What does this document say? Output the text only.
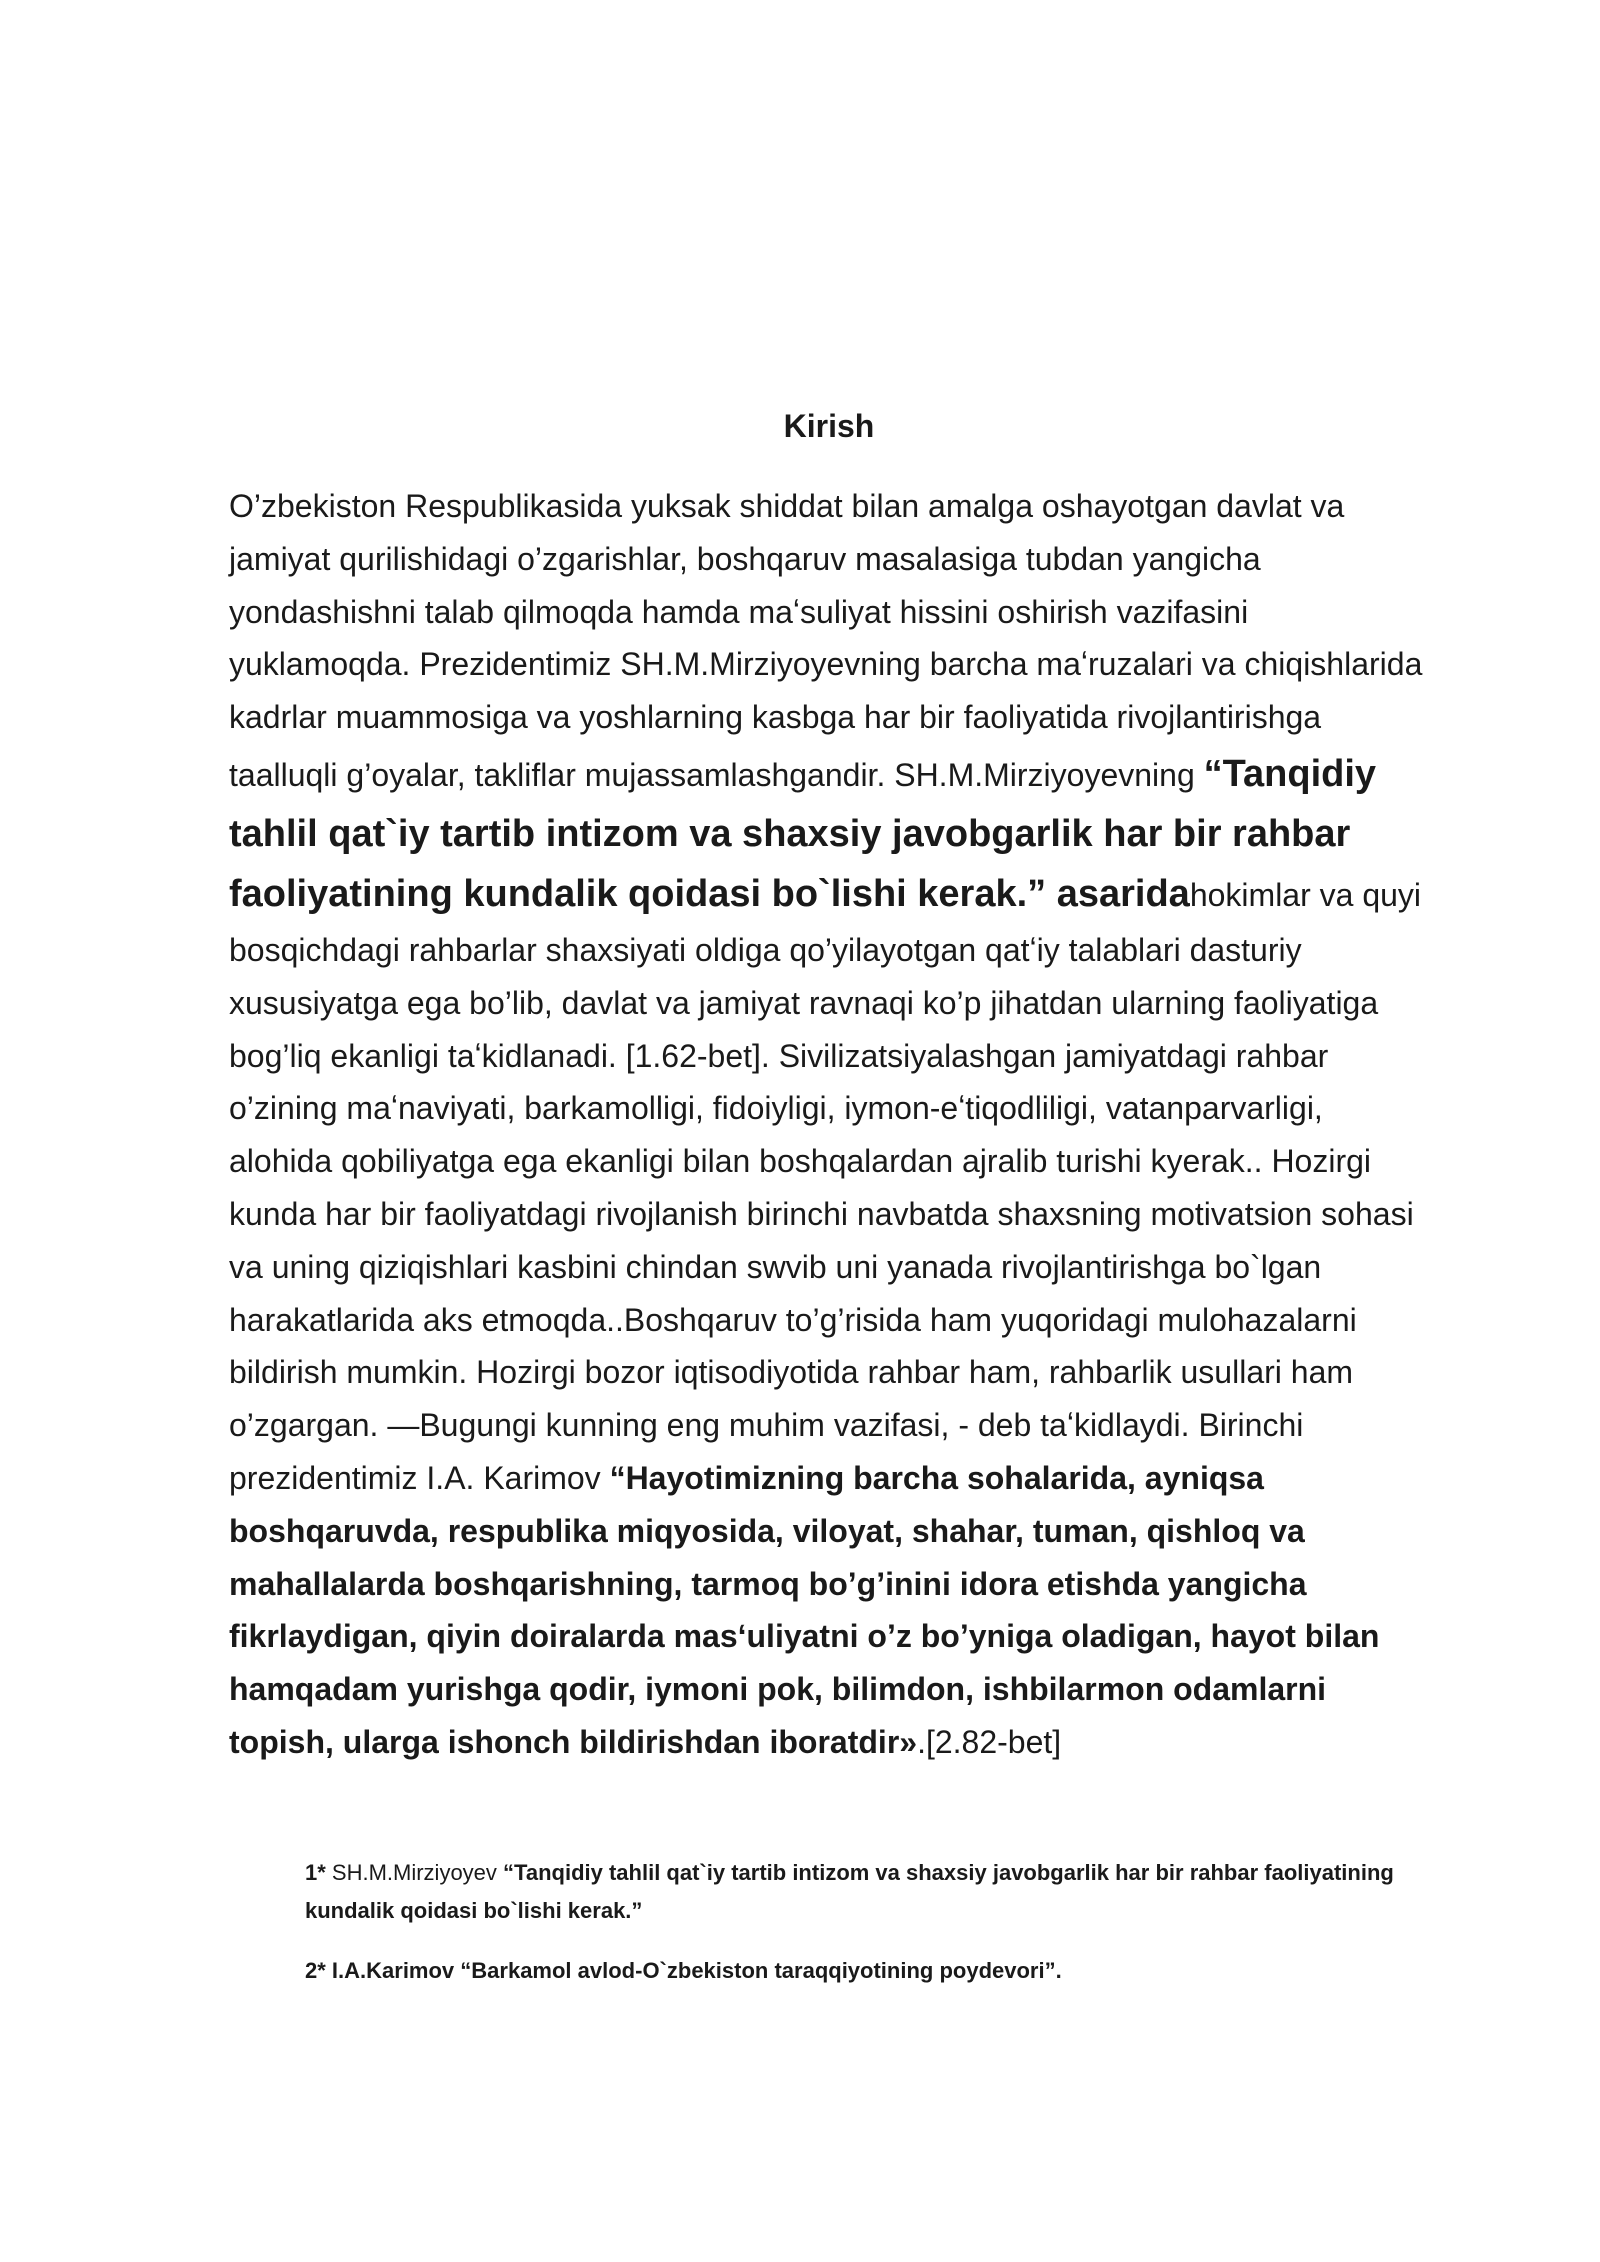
Kirish
O’zbekiston Respublikasida yuksak shiddat bilan amalga oshayotgan davlat va jamiyat qurilishidagi o’zgarishlar, boshqaruv masalasiga tubdan yangicha yondashishni talab qilmoqda hamda maʻsuliyat hissini oshirish vazifasini yuklamoqda. Prezidentimiz SH.M.Mirziyoyevning barcha maʻruzalari va chiqishlarida kadrlar muammosiga va yoshlarning kasbga har bir faoliyatida rivojlantirishga taalluqli g’oyalar, takliflar mujassamlashgandir. SH.M.Mirziyoyevning “Tanqidiy tahlil qat`iy tartib intizom va shaxsiy javobgarlik har bir rahbar faoliyatining kundalik qoidasi bo`lishi kerak.” asaridahokimlar va quyi bosqichdagi rahbarlar shaxsiyati oldiga qo’yilayotgan qatʻiy talablari dasturiy xususiyatga ega bo’lib, davlat va jamiyat ravnaqi ko’p jihatdan ularning faoliyatiga bog’liq ekanligi taʻkidlanadi. [1.62-bet]. Sivilizatsiyalashgan jamiyatdagi rahbar o’zining maʻnaviyati, barkamolligi, fidoiyligi, iymon-eʻtiqodliligi, vatanparvarligi, alohida qobiliyatga ega ekanligi bilan boshqalardan ajralib turishi kyerak.. Hozirgi kunda har bir faoliyatdagi rivojlanish birinchi navbatda shaxsning motivatsion sohasi va uning qiziqishlari kasbini chindan swvib uni yanada rivojlantirishga bo`lgan harakatlarida aks etmoqda..Boshqaruv to’g’risida ham yuqoridagi mulohazalarni bildirish mumkin. Hozirgi bozor iqtisodiyotida rahbar ham, rahbarlik usullari ham o’zgargan. ―Bugungi kunning eng muhim vazifasi, - deb taʻkidlaydi. Birinchi prezidentimiz I.A. Karimov “Hayotimizning barcha sohalarida, ayniqsa boshqaruvda, respublika miqyosida, viloyat, shahar, tuman, qishloq va mahallalarda boshqarishning, tarmoq bo’g’inini idora etishda yangicha fikrlaydigan, qiyin doiralarda masʻuliyatni o’z bo’yniga oladigan, hayot bilan hamqadam yurishga qodir, iymoni pok, bilimdon, ishbilarmon odamlarni topish, ularga ishonch bildirishdan iboratdir».[2.82-bet]
1* SH.M.Mirziyoyev “Tanqidiy tahlil qat`iy tartib intizom va shaxsiy javobgarlik har bir rahbar faoliyatining kundalik qoidasi bo`lishi kerak.”
2* I.A.Karimov “Barkamol avlod-O`zbekiston taraqqiyotining poydevori”.
